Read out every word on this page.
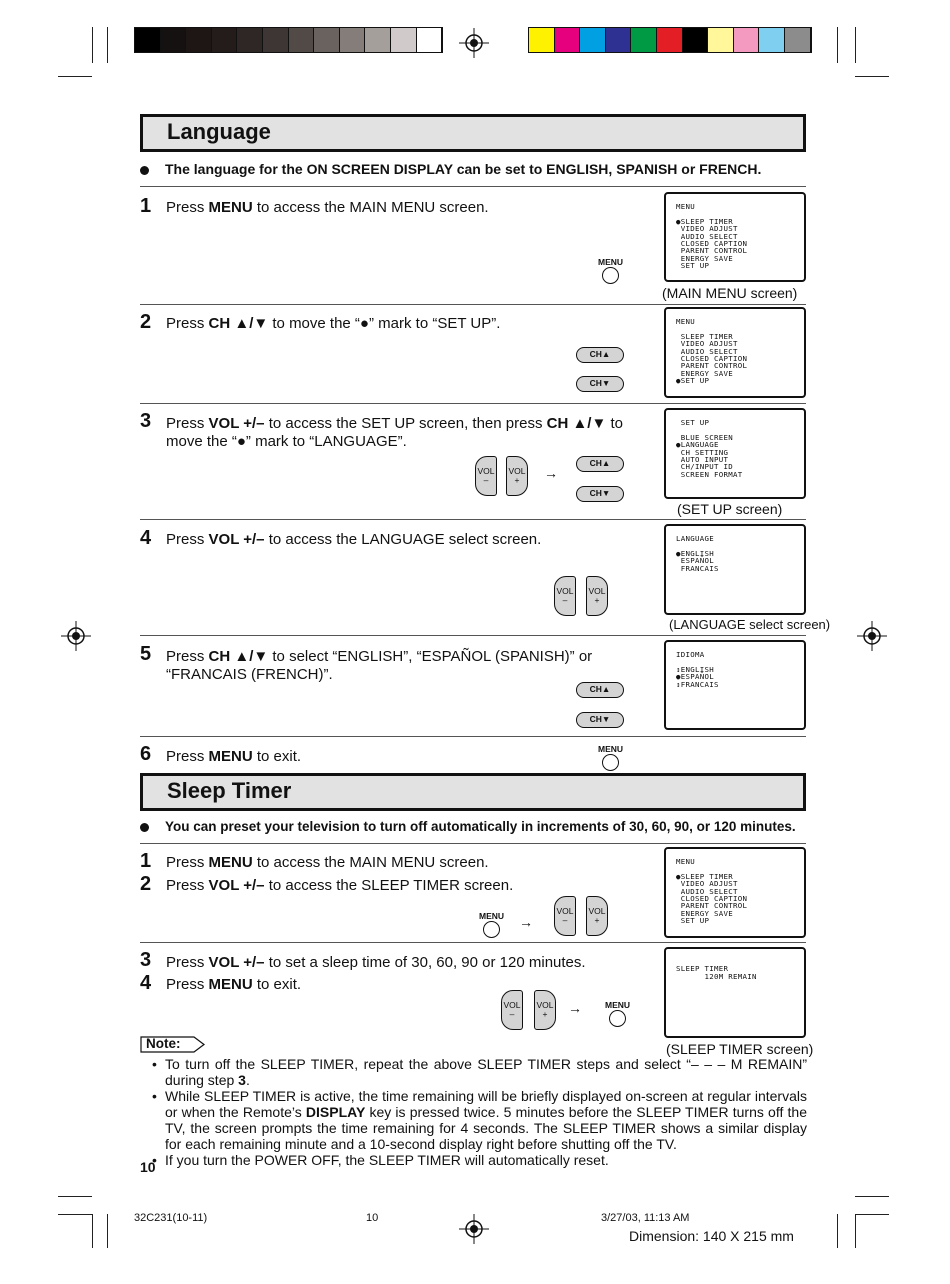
Language
The language for the ON SCREEN DISPLAY can be set to ENGLISH, SPANISH or FRENCH.
1 Press MENU to access the MAIN MENU screen.
MENU
MENU

●SLEEP TIMER
VIDEO ADJUST
AUDIO SELECT
CLOSED CAPTION
PARENT CONTROL
ENERGY SAVE
SET UP
(MAIN MENU screen)
2 Press CH ▲/▼ to move the “●” mark to “SET UP”.
CH▲
CH▼
MENU

SLEEP TIMER
VIDEO ADJUST
AUDIO SELECT
CLOSED CAPTION
PARENT CONTROL
ENERGY SAVE
●SET UP
3 Press VOL +/– to access the SET UP screen, then press CH ▲/▼ to
move the “●” mark to “LANGUAGE”.
VOL
–
VOL
+	→
CH▲
CH▼
SET UP

BLUE SCREEN
●LANGUAGE
CH SETTING
AUTO INPUT
CH/INPUT ID
SCREEN FORMAT
(SET UP screen)
4 Press VOL +/– to access the LANGUAGE select screen.
VOL
–
VOL
+
LANGUAGE

●ENGLISH
ESPAÑOL
FRANCAIS
(LANGUAGE select screen)
5 Press CH ▲/▼ to select “ENGLISH”, “ESPAÑOL (SPANISH)” or
“FRANCAIS (FRENCH)”.
CH▲
CH▼
IDIOMA

↕ENGLISH
●ESPAÑOL
↕FRANCAIS
6 Press MENU to exit.	MENU
Sleep Timer
You can preset your television to turn off automatically in increments of 30, 60, 90, or 120 minutes.
1 Press MENU to access the MAIN MENU screen.
2 Press VOL +/– to access the SLEEP TIMER screen.
MENU →
VOL
–
VOL
+
MENU

●SLEEP TIMER
VIDEO ADJUST
AUDIO SELECT
CLOSED CAPTION
PARENT CONTROL
ENERGY SAVE
SET UP
3 Press VOL +/– to set a sleep time of 30, 60, 90 or 120 minutes.
4 Press MENU to exit.
VOL
–
VOL
+	→	MENU

SLEEP TIMER
120M REMAIN
(SLEEP TIMER screen)
Note:
• To turn off the SLEEP TIMER, repeat the above SLEEP TIMER steps and select “– – – M REMAIN” during step 3.
• While SLEEP TIMER is active, the time remaining will be briefly displayed on-screen at regular intervals or when the Remote’s DISPLAY key is pressed twice. 5 minutes before the SLEEP TIMER turns off the TV, the screen prompts the time remaining for 4 seconds. The SLEEP TIMER shows a similar display for each remaining minute and a 10-second display right before shutting off the TV.
• If you turn the POWER OFF, the SLEEP TIMER will automatically reset.
10
32C231(10-11)	10	3/27/03, 11:13 AM
Dimension: 140 X 215 mm
